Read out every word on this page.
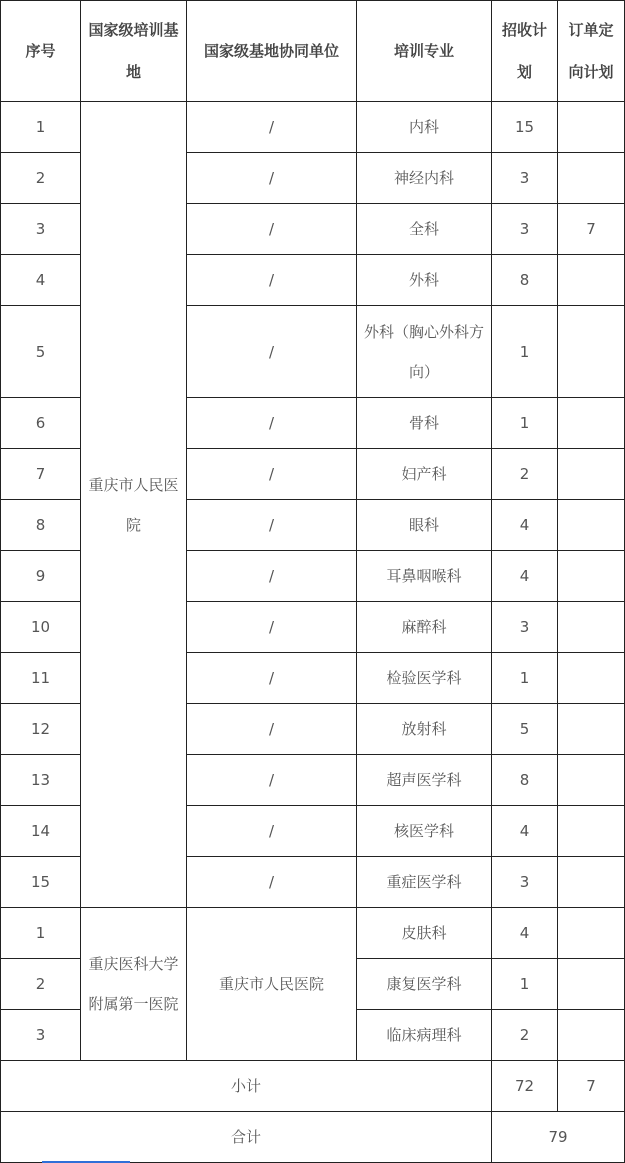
序号	国家级培训基地	国家级基地协同单位	培训专业	招收计划	订单定向计划
1	重庆市人民医院	/	内科	15	
2		/	神经内科	3	
3		/	全科	3	7
4		/	外科	8	
5		/	外科（胸心外科方向）	1	
6		/	骨科	1	
7		/	妇产科	2	
8		/	眼科	4	
9		/	耳鼻咽喉科	4	
10		/	麻醉科	3	
11		/	检验医学科	1	
12		/	放射科	5	
13		/	超声医学科	8	
14		/	核医学科	4	
15		/	重症医学科	3	
1	重庆医科大学附属第一医院	重庆市人民医院	皮肤科	4	
2			康复医学科	1	
3			临床病理科	2	
小计				72	7
合计				79	
